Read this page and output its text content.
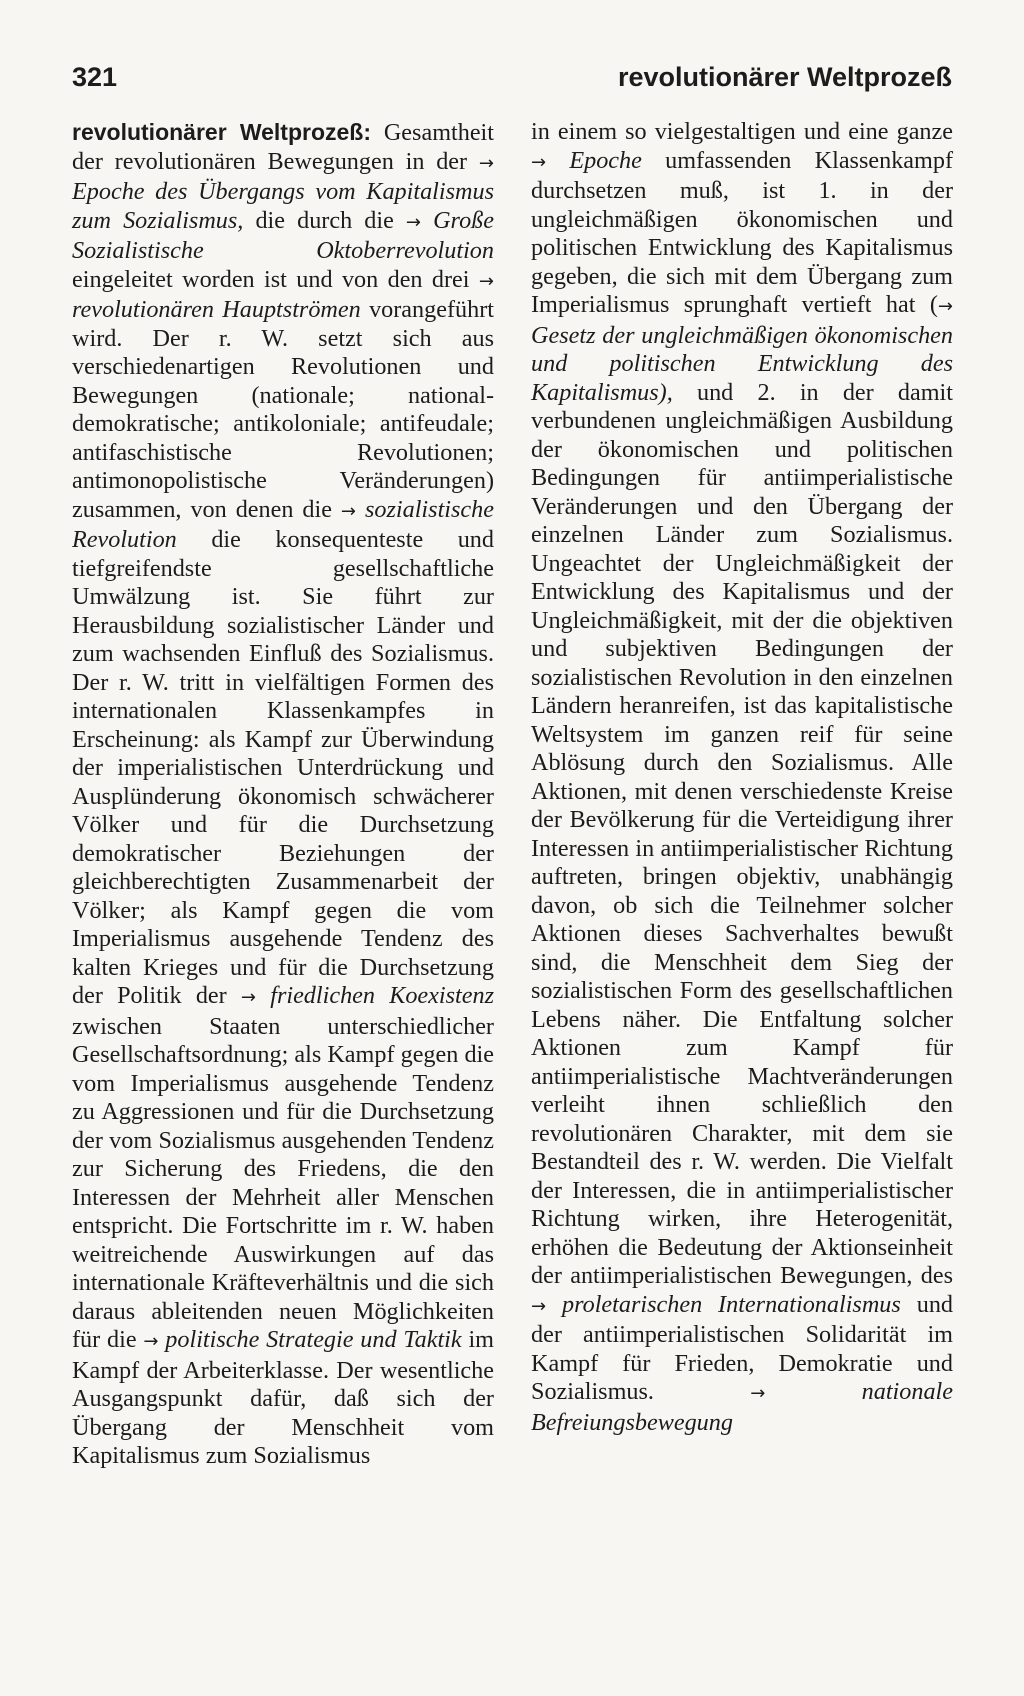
321	revolutionärer Weltprozeß

revolutionärer Weltprozeß: Gesamtheit der revolutionären Bewegungen in der → Epoche des Übergangs vom Kapitalismus zum Sozialismus, die durch die → Große Sozialistische Oktoberrevolution eingeleitet worden ist und von den drei → revolutionären Hauptströmen vorangeführt wird. Der r. W. setzt sich aus verschiedenartigen Revolutionen und Bewegungen (nationale; national-demokratische; antikoloniale; antifeudale; antifaschistische Revolutionen; antimonopolistische Veränderungen) zusammen, von denen die → sozialistische Revolution die konsequenteste und tiefgreifendste gesellschaftliche Umwälzung ist. Sie führt zur Herausbildung sozialistischer Länder und zum wachsenden Einfluß des Sozialismus. Der r. W. tritt in vielfältigen Formen des internationalen Klassenkampfes in Erscheinung: als Kampf zur Überwindung der imperialistischen Unterdrückung und Ausplünderung ökonomisch schwächerer Völker und für die Durchsetzung demokratischer Beziehungen der gleichberechtigten Zusammenarbeit der Völker; als Kampf gegen die vom Imperialismus ausgehende Tendenz des kalten Krieges und für die Durchsetzung der Politik der → friedlichen Koexistenz zwischen Staaten unterschiedlicher Gesellschaftsordnung; als Kampf gegen die vom Imperialismus ausgehende Tendenz zu Aggressionen und für die Durchsetzung der vom Sozialismus ausgehenden Tendenz zur Sicherung des Friedens, die den Interessen der Mehrheit aller Menschen entspricht. Die Fortschritte im r. W. haben weitreichende Auswirkungen auf das internationale Kräfteverhältnis und die sich daraus ableitenden neuen Möglichkeiten für die → politische Strategie und Taktik im Kampf der Arbeiterklasse. Der wesentliche Ausgangspunkt dafür, daß sich der Übergang der Menschheit vom Kapitalismus zum Sozialismus

in einem so vielgestaltigen und eine ganze → Epoche umfassenden Klassenkampf durchsetzen muß, ist 1. in der ungleichmäßigen ökonomischen und politischen Entwicklung des Kapitalismus gegeben, die sich mit dem Übergang zum Imperialismus sprunghaft vertieft hat (→ Gesetz der ungleichmäßigen ökonomischen und politischen Entwicklung des Kapitalismus), und 2. in der damit verbundenen ungleichmäßigen Ausbildung der ökonomischen und politischen Bedingungen für antiimperialistische Veränderungen und den Übergang der einzelnen Länder zum Sozialismus. Ungeachtet der Ungleichmäßigkeit der Entwicklung des Kapitalismus und der Ungleichmäßigkeit, mit der die objektiven und subjektiven Bedingungen der sozialistischen Revolution in den einzelnen Ländern heranreifen, ist das kapitalistische Weltsystem im ganzen reif für seine Ablösung durch den Sozialismus. Alle Aktionen, mit denen verschiedenste Kreise der Bevölkerung für die Verteidigung ihrer Interessen in antiimperialistischer Richtung auftreten, bringen objektiv, unabhängig davon, ob sich die Teilnehmer solcher Aktionen dieses Sachverhaltes bewußt sind, die Menschheit dem Sieg der sozialistischen Form des gesellschaftlichen Lebens näher. Die Entfaltung solcher Aktionen zum Kampf für antiimperialistische Machtveränderungen verleiht ihnen schließlich den revolutionären Charakter, mit dem sie Bestandteil des r. W. werden. Die Vielfalt der Interessen, die in antiimperialistischer Richtung wirken, ihre Heterogenität, erhöhen die Bedeutung der Aktionseinheit der antiimperialistischen Bewegungen, des → proletarischen Internationalismus und der antiimperialistischen Solidarität im Kampf für Frieden, Demokratie und Sozialismus. → nationale Befreiungsbewegung
